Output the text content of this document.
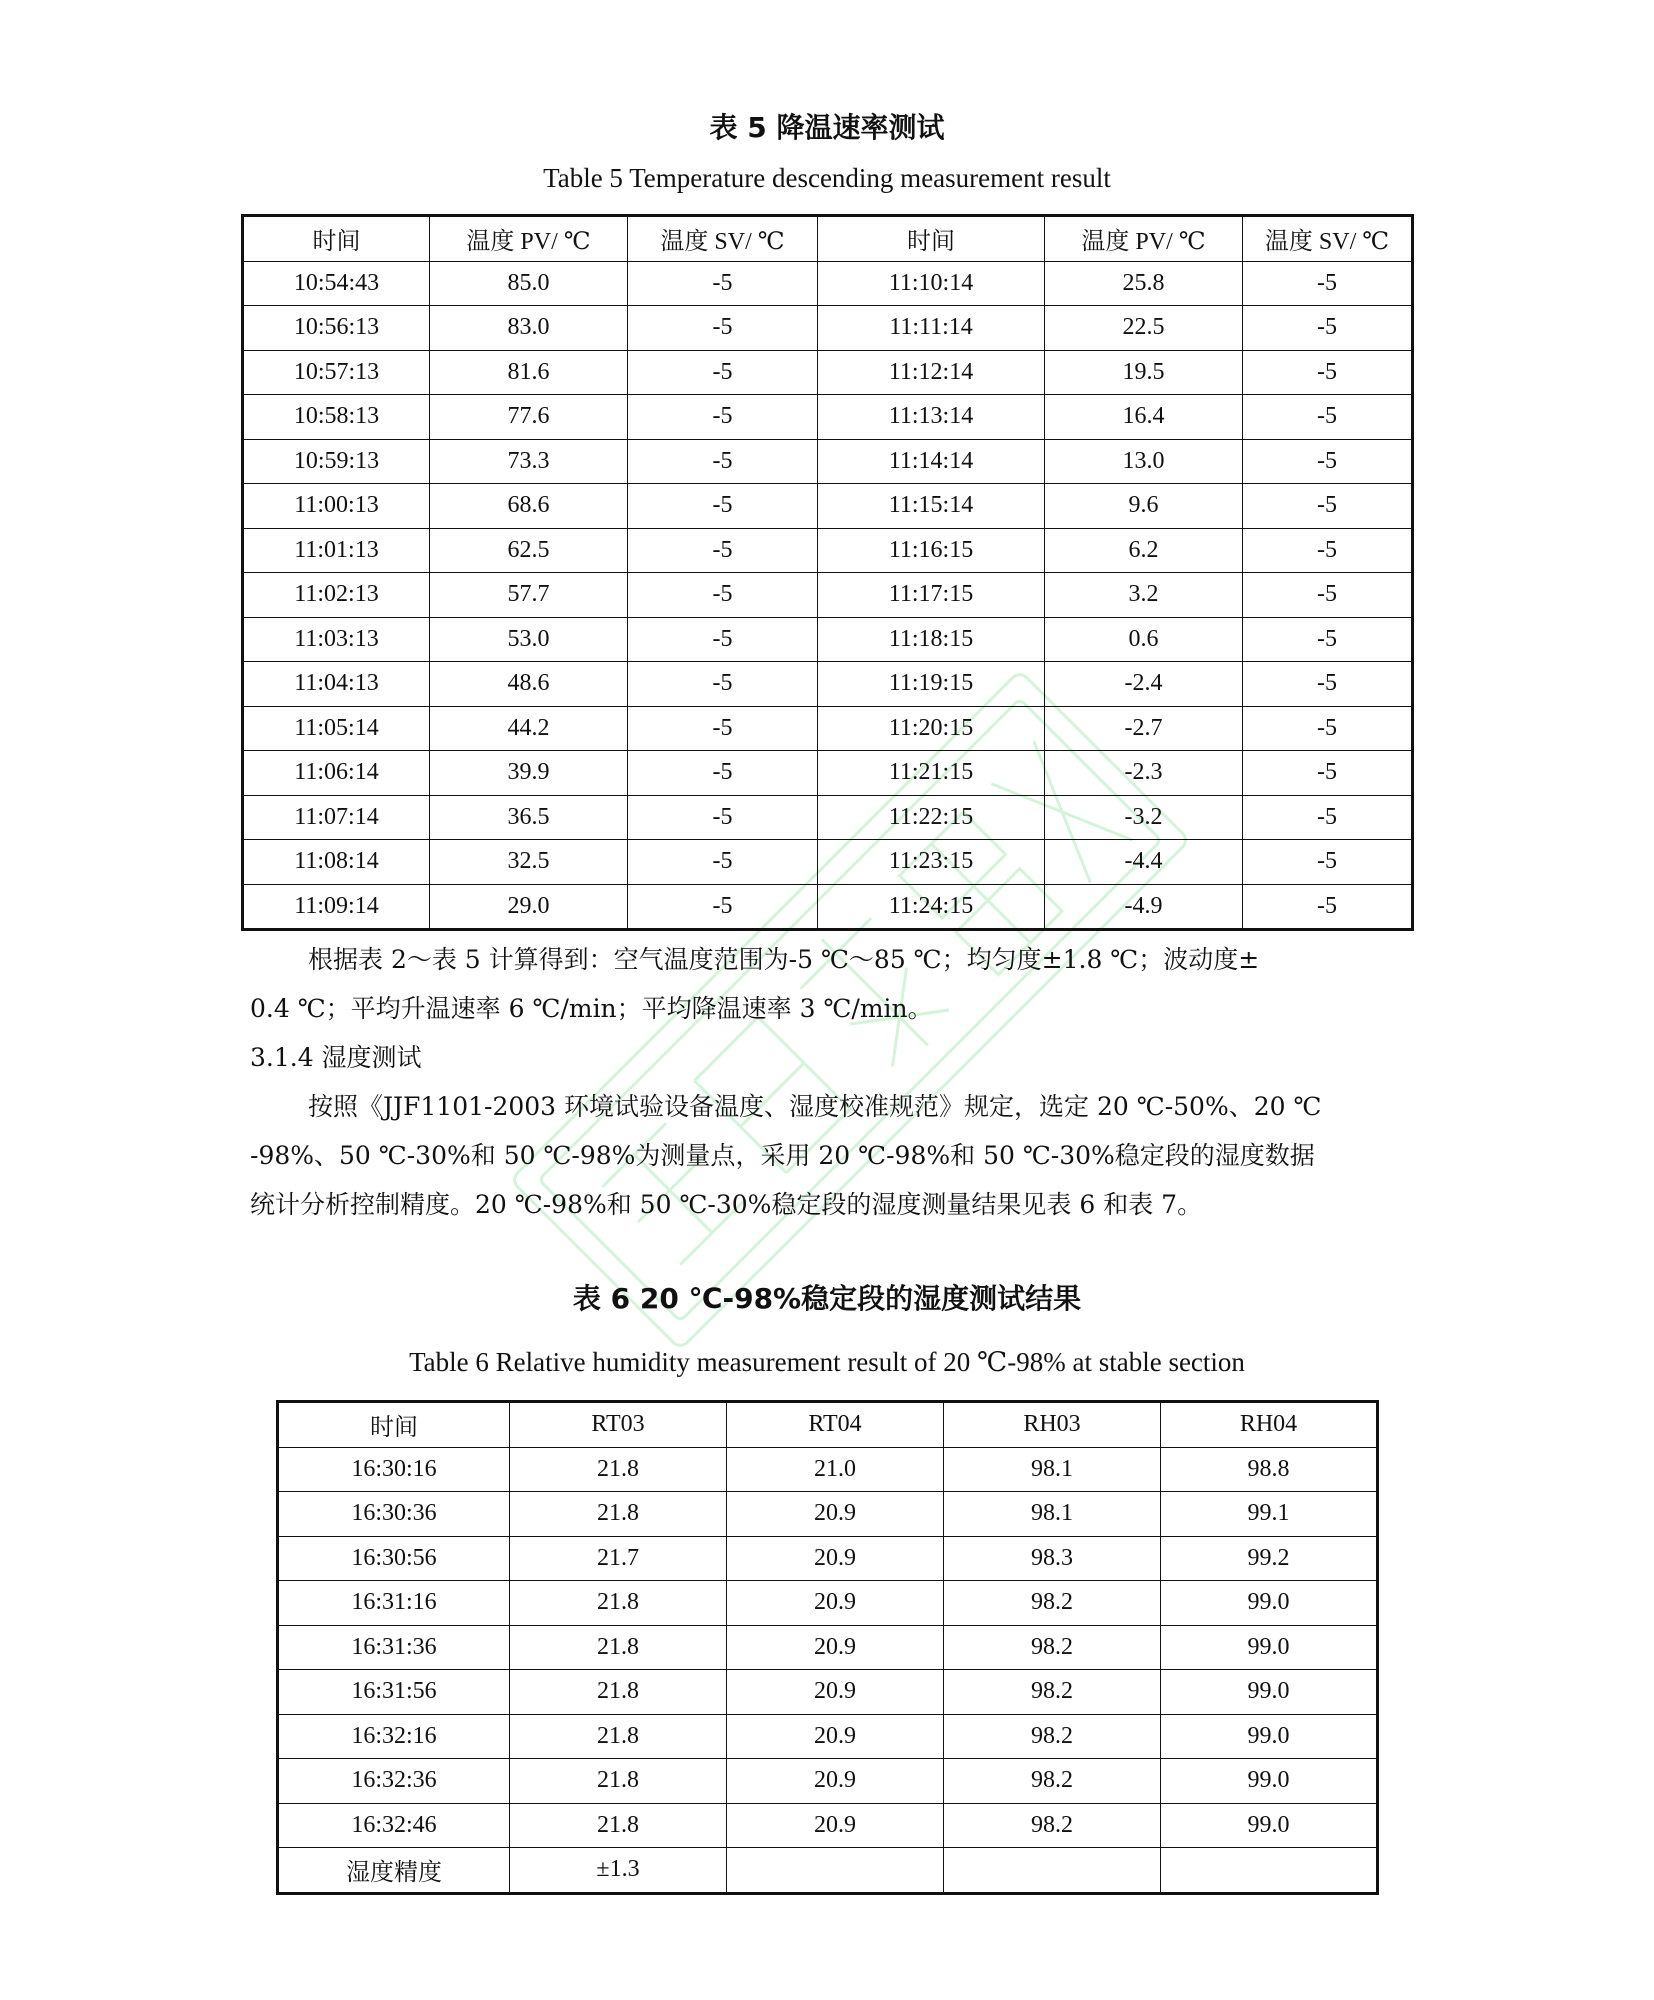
表 5 降温速率测试
Table 5 Temperature descending measurement result
时间	温度 PV/ ℃	温度 SV/ ℃	时间	温度 PV/ ℃	温度 SV/ ℃
10:54:43	85.0	-5	11:10:14	25.8	-5
10:56:13	83.0	-5	11:11:14	22.5	-5
10:57:13	81.6	-5	11:12:14	19.5	-5
10:58:13	77.6	-5	11:13:14	16.4	-5
10:59:13	73.3	-5	11:14:14	13.0	-5
11:00:13	68.6	-5	11:15:14	9.6	-5
11:01:13	62.5	-5	11:16:15	6.2	-5
11:02:13	57.7	-5	11:17:15	3.2	-5
11:03:13	53.0	-5	11:18:15	0.6	-5
11:04:13	48.6	-5	11:19:15	-2.4	-5
11:05:14	44.2	-5	11:20:15	-2.7	-5
11:06:14	39.9	-5	11:21:15	-2.3	-5
11:07:14	36.5	-5	11:22:15	-3.2	-5
11:08:14	32.5	-5	11:23:15	-4.4	-5
11:09:14	29.0	-5	11:24:15	-4.9	-5
根据表 2～表 5 计算得到：空气温度范围为-5 ℃～85 ℃；均匀度±1.8 ℃；波动度±
0.4 ℃；平均升温速率 6 ℃/min；平均降温速率 3 ℃/min。
3.1.4 湿度测试
按照《JJF1101-2003 环境试验设备温度、湿度校准规范》规定，选定 20 ℃-50%、20 ℃
-98%、50 ℃-30%和 50 ℃-98%为测量点，采用 20 ℃-98%和 50 ℃-30%稳定段的湿度数据
统计分析控制精度。20 ℃-98%和 50 ℃-30%稳定段的湿度测量结果见表 6 和表 7。
表 6 20 ℃-98%稳定段的湿度测试结果
Table 6 Relative humidity measurement result of 20 ℃-98% at stable section
时间	RT03	RT04	RH03	RH04
16:30:16	21.8	21.0	98.1	98.8
16:30:36	21.8	20.9	98.1	99.1
16:30:56	21.7	20.9	98.3	99.2
16:31:16	21.8	20.9	98.2	99.0
16:31:36	21.8	20.9	98.2	99.0
16:31:56	21.8	20.9	98.2	99.0
16:32:16	21.8	20.9	98.2	99.0
16:32:36	21.8	20.9	98.2	99.0
16:32:46	21.8	20.9	98.2	99.0
湿度精度	±1.3			
